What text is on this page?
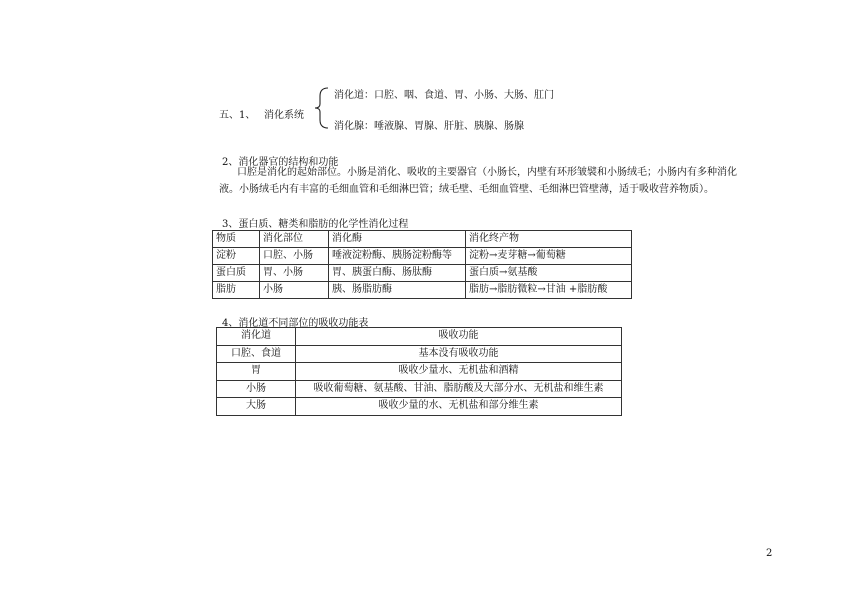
五、1、 消化系统
消化道：口腔、咽、食道、胃、小肠、大肠、肛门
消化腺：唾液腺、胃腺、肝脏、胰腺、肠腺
2、消化器官的结构和功能
口腔是消化的起始部位。小肠是消化、吸收的主要器官（小肠长，内壁有环形皱襞和小肠绒毛；小肠内有多种消化
液。小肠绒毛内有丰富的毛细血管和毛细淋巴管；绒毛壁、毛细血管壁、毛细淋巴管壁薄，适于吸收营养物质）。
3、蛋白质、糖类和脂肪的化学性消化过程
物质	消化部位	消化酶	消化终产物
淀粉	口腔、小肠	唾液淀粉酶、胰肠淀粉酶等	淀粉→麦芽糖→葡萄糖
蛋白质	胃、小肠	胃、胰蛋白酶、肠肽酶	蛋白质→氨基酸
脂肪	小肠	胰、肠脂肪酶	脂肪→脂肪微粒→甘油 +脂肪酸
4、消化道不同部位的吸收功能表
消化道	吸收功能
口腔、食道	基本没有吸收功能
胃	吸收少量水、无机盐和酒精
小肠	吸收葡萄糖、氨基酸、甘油、脂肪酸及大部分水、无机盐和维生素
大肠	吸收少量的水、无机盐和部分维生素
2
